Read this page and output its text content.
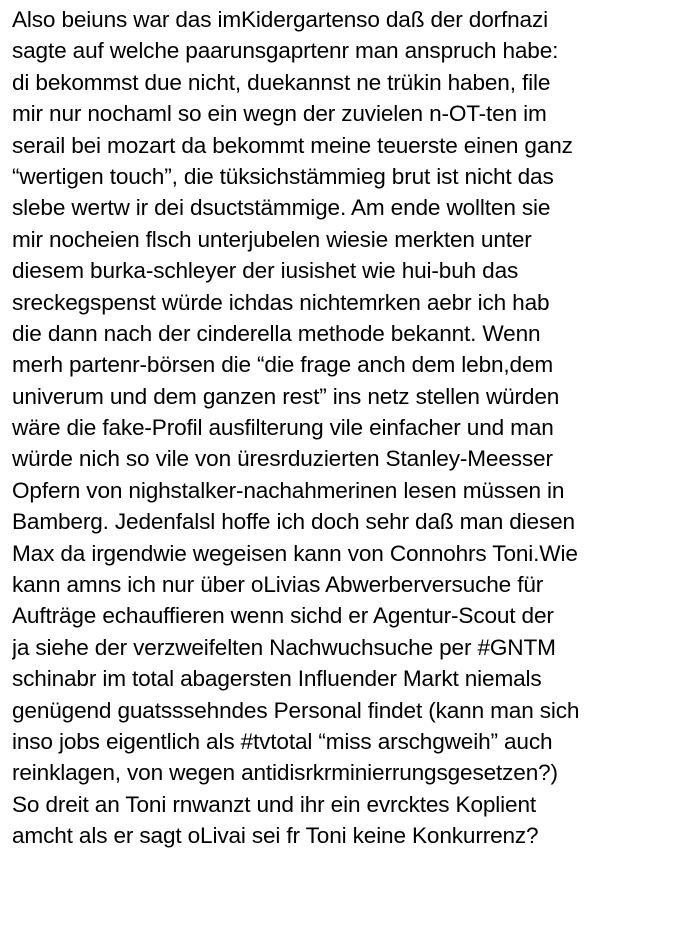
Also beiuns war das imKidergartenso daß der dorfnazi
sagte auf welche paarunsgaprtenr man anspruch habe:
di bekommst due nicht, duekannst ne trükin haben, file
mir nur nochaml so ein wegn der zuvielen n-OT-ten im
serail bei mozart da bekommt meine teuerste einen ganz
“wertigen touch”, die tüksichstämmieg brut ist nicht das
slebe wertw ir dei dsuctstämmige. Am ende wollten sie
mir nocheien flsch unterjubelen wiesie merkten unter
diesem burka-schleyer der iusishet wie hui-buh das
sreckegspenst würde ichdas nichtemrken aebr ich hab
die dann nach der cinderella methode bekannt. Wenn
merh partenr-börsen die “die frage anch dem lebn,dem
univerum und dem ganzen rest” ins netz stellen würden
wäre die fake-Profil ausfilterung vile einfacher und man
würde nich so vile von üresrduzierten Stanley-Meesser
Opfern von nighstalker-nachahmerinen lesen müssen in
Bamberg. Jedenfalsl hoffe ich doch sehr daß man diesen
Max da irgendwie wegeisen kann von Connohrs Toni.Wie
kann amns ich nur über oLivias Abwerberversuche für
Aufträge echauffieren wenn sichd er Agentur-Scout der
ja siehe der verzweifelten Nachwuchsuche per #GNTM
schinabr im total abagersten Influender Markt niemals
genügend guatsssehndes Personal findet (kann man sich
inso jobs eigentlich als #tvtotal “miss arschgweih” auch
reinklagen, von wegen antidisrkrminierrungsgesetzen?)
So dreit an Toni rnwanzt und ihr ein evrcktes Koplient
amcht als er sagt oLivai sei fr Toni keine Konkurrenz?
